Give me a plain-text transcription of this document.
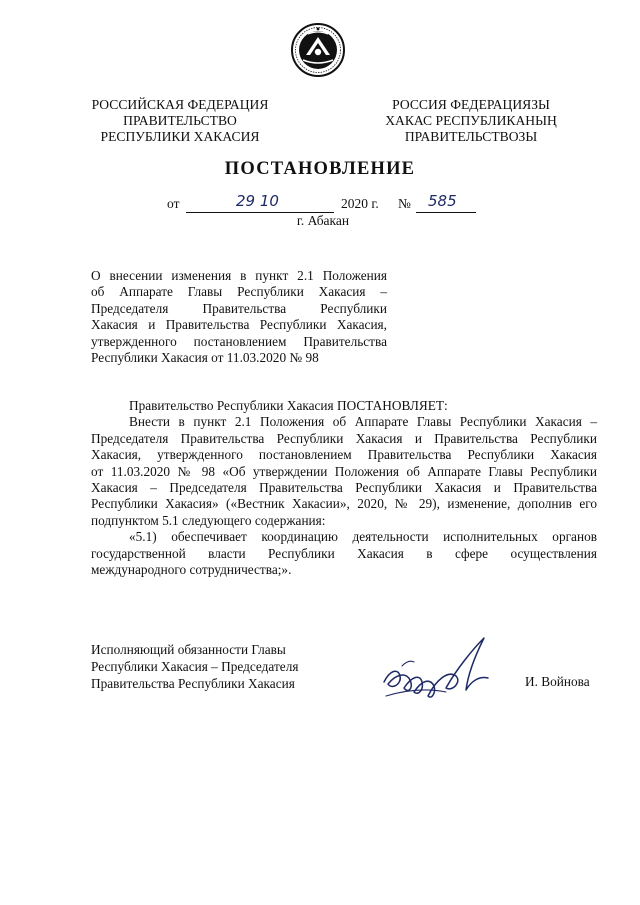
РОССИЙСКАЯ ФЕДЕРАЦИЯ
ПРАВИТЕЛЬСТВО
РЕСПУБЛИКИ ХАКАСИЯ
РОССИЯ ФЕДЕРАЦИЯЗЫ
ХАКАС РЕСПУБЛИКАНЫҢ
ПРАВИТЕЛЬСТВОЗЫ
ПОСТАНОВЛЕНИЕ
от	29 10	2020 г. № 585
г. Абакан
О внесении изменения в пункт 2.1 Положения
об Аппарате Главы Республики Хакасия –
Председателя Правительства Республики
Хакасия и Правительства Республики Хакасия,
утвержденного постановлением Правительства
Республики Хакасия от 11.03.2020 № 98
Правительство Республики Хакасия ПОСТАНОВЛЯЕТ:
Внести в пункт 2.1 Положения об Аппарате Главы Республики Хакасия –
Председателя Правительства Республики Хакасия и Правительства Республики
Хакасия, утвержденного постановлением Правительства Республики Хакасия
от 11.03.2020 № 98 «Об утверждении Положения об Аппарате Главы Республики
Хакасия – Председателя Правительства Республики Хакасия и Правительства
Республики Хакасия» («Вестник Хакасии», 2020, № 29), изменение, дополнив его
подпунктом 5.1 следующего содержания:
«5.1) обеспечивает координацию деятельности исполнительных органов
государственной власти Республики Хакасия в сфере осуществления
международного сотрудничества;».
Исполняющий обязанности Главы
Республики Хакасия – Председателя
Правительства Республики Хакасия	И. Войнова
